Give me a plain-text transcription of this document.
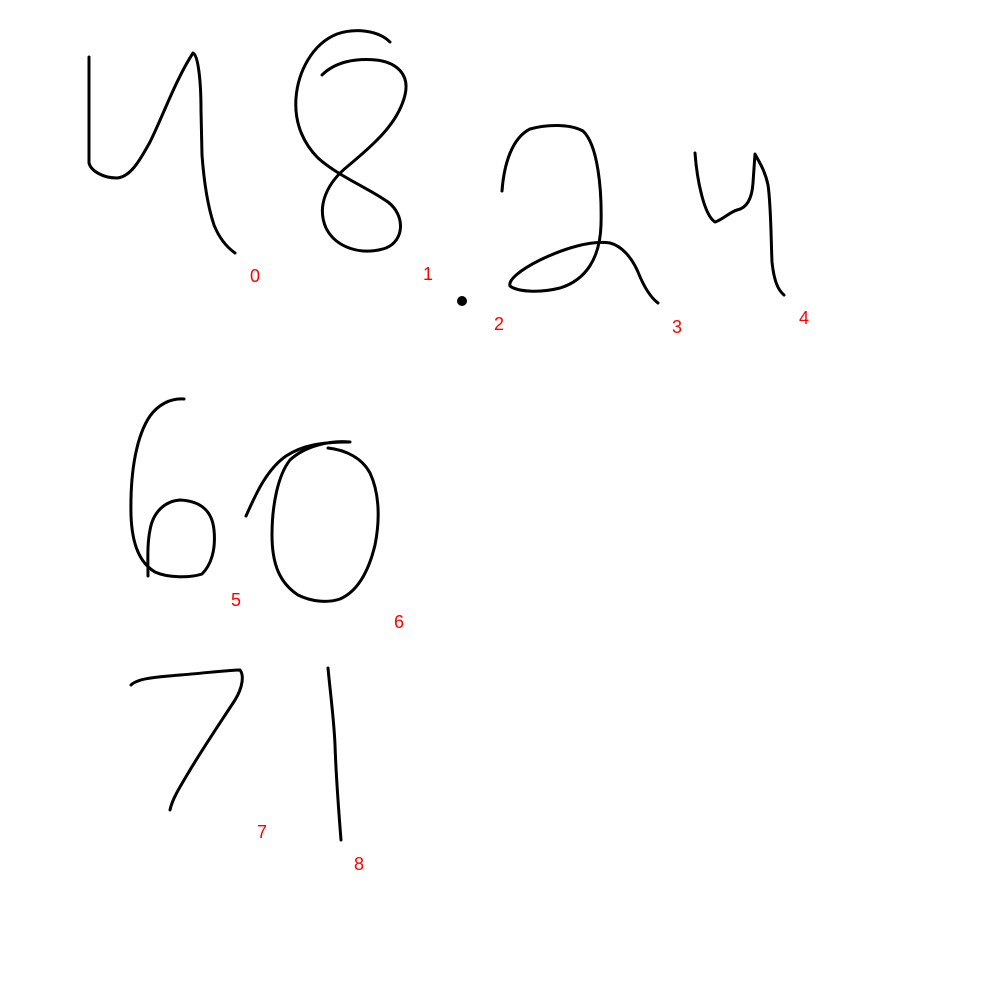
0	1
2	3	4
5
6
7
8
